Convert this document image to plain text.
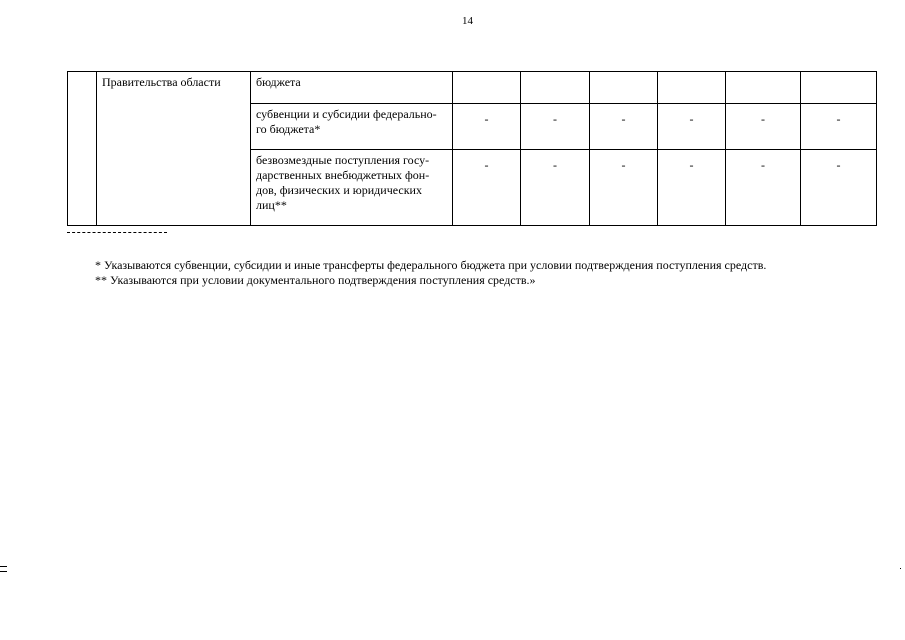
14
	Правительства области	бюджета						
		субвенции и субсидии федерально-го бюджета*	-	-	-	-	-	-
		безвозмездные поступления госу-дарственных внебюджетных фон-дов, физических и юридических лиц**	-	-	-	-	-	-

* Указываются субвенции, субсидии и иные трансферты федерального бюджета при условии подтверждения поступления средств.

** Указываются при условии документального подтверждения поступления средств.»
